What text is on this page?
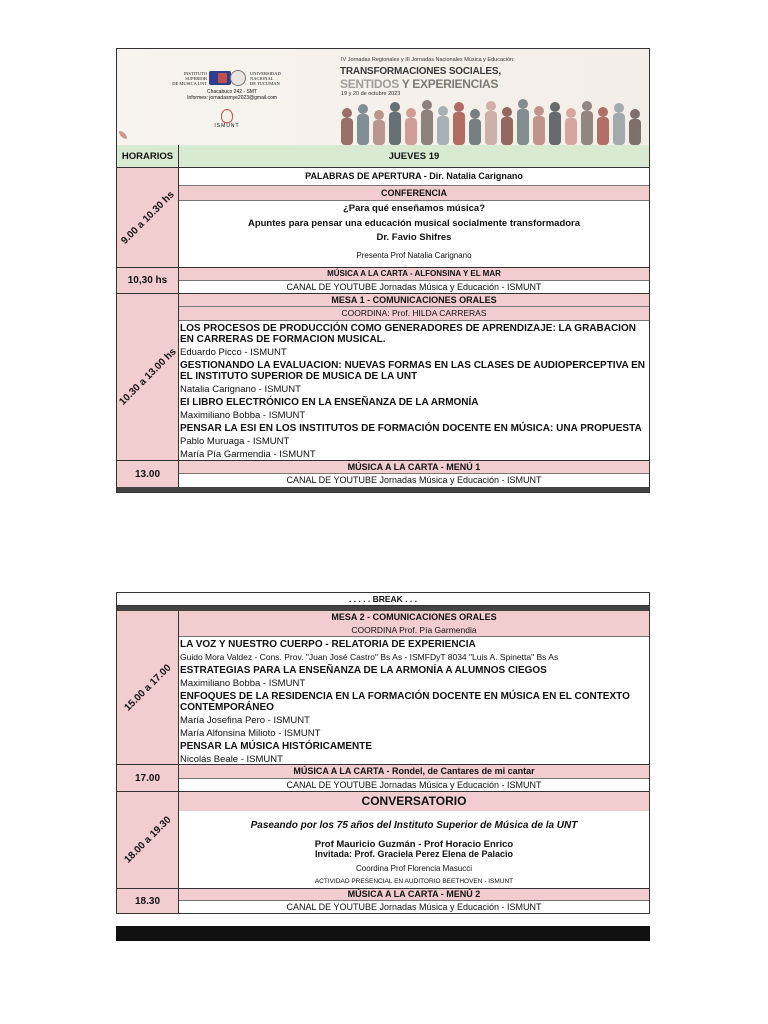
INSTITUTO
SUPERIOR
DE MUSICA UNT
UNIVERSIDAD
NACIONAL
DE TUCUMAN
Chacabuco 242 - SMT
Informes: jornadasmye2023@gmail.com
ISMUNT
IV Jornadas Regionales y III Jornadas Nacionales Música y Educación:
TRANSFORMACIONES SOCIALES,
SENTIDOS Y EXPERIENCIAS
19 y 20 de octubre 2023
HORARIOS	JUEVES 19
9.00 a 10.30 hs
PALABRAS DE APERTURA - Dir. Natalia Carignano
CONFERENCIA
¿Para qué enseñamos música?
Apuntes para pensar una educación musical socialmente transformadora
Dr. Favio Shifres
Presenta Prof Natalia Carignano
10,30 hs
MÚSICA A LA CARTA - ALFONSINA Y EL MAR
CANAL DE YOUTUBE Jornadas Música y Educación - ISMUNT
10.30 a 13.00 hs
MESA 1 - COMUNICACIONES ORALES
COORDINA: Prof. HILDA CARRERAS
LOS PROCESOS DE PRODUCCIÓN COMO GENERADORES DE APRENDIZAJE: LA GRABACION EN CARRERAS DE FORMACION MUSICAL.
Eduardo Picco - ISMUNT
GESTIONANDO LA EVALUACION: NUEVAS FORMAS EN LAS CLASES DE AUDIOPERCEPTIVA EN EL INSTITUTO SUPERIOR DE MUSICA DE LA UNT
Natalia Carignano - ISMUNT
EI LIBRO ELECTRÓNICO EN LA ENSEÑANZA DE LA ARMONÍA
Maximiliano Bobba - ISMUNT
PENSAR LA ESI EN LOS INSTITUTOS DE FORMACIÓN DOCENTE EN MÚSICA: UNA PROPUESTA
Pablo Muruaga - ISMUNT
María Pía Garmendia - ISMUNT
13.00
MÚSICA A LA CARTA - MENÚ 1
CANAL DE YOUTUBE Jornadas Música y Educación - ISMUNT
. . . . . BREAK . . .
15.00 a 17.00
MESA 2 - COMUNICACIONES ORALES
COORDINA Prof. Pía Garmendia
LA VOZ Y NUESTRO CUERPO - RELATORIA DE EXPERIENCIA
Guido Mora Valdez - Cons. Prov. "Juan José Castro" Bs As - ISMFDyT 8034 "Luis A. Spinetta" Bs As
ESTRATEGIAS PARA LA ENSEÑANZA DE LA ARMONÍA A ALUMNOS CIEGOS
Maximiliano Bobba - ISMUNT
ENFOQUES DE LA RESIDENCIA EN LA FORMACIÓN DOCENTE EN MÚSICA EN EL CONTEXTO CONTEMPORÁNEO
María Josefina Pero - ISMUNT
María Alfonsina Milioto - ISMUNT
PENSAR LA MÚSICA HISTÓRICAMENTE
Nicolás Beale - ISMUNT
17.00
MÚSICA A LA CARTA - Rondel, de Cantares de mi cantar
CANAL DE YOUTUBE Jornadas Música y Educación - ISMUNT
18.00 a 19.30
CONVERSATORIO
Paseando por los 75 años del Instituto Superior de Música de la UNT
Prof Mauricio Guzmán - Prof Horacio Enrico
Invitada: Prof. Graciela Perez Elena de Palacio
Coordina Prof Florencia Masucci
ACTIVIDAD PRESENCIAL EN AUDITORIO BEETHOVEN - ISMUNT
18.30
MÚSICA A LA CARTA - MENÚ 2
CANAL DE YOUTUBE Jornadas Música y Educación - ISMUNT
